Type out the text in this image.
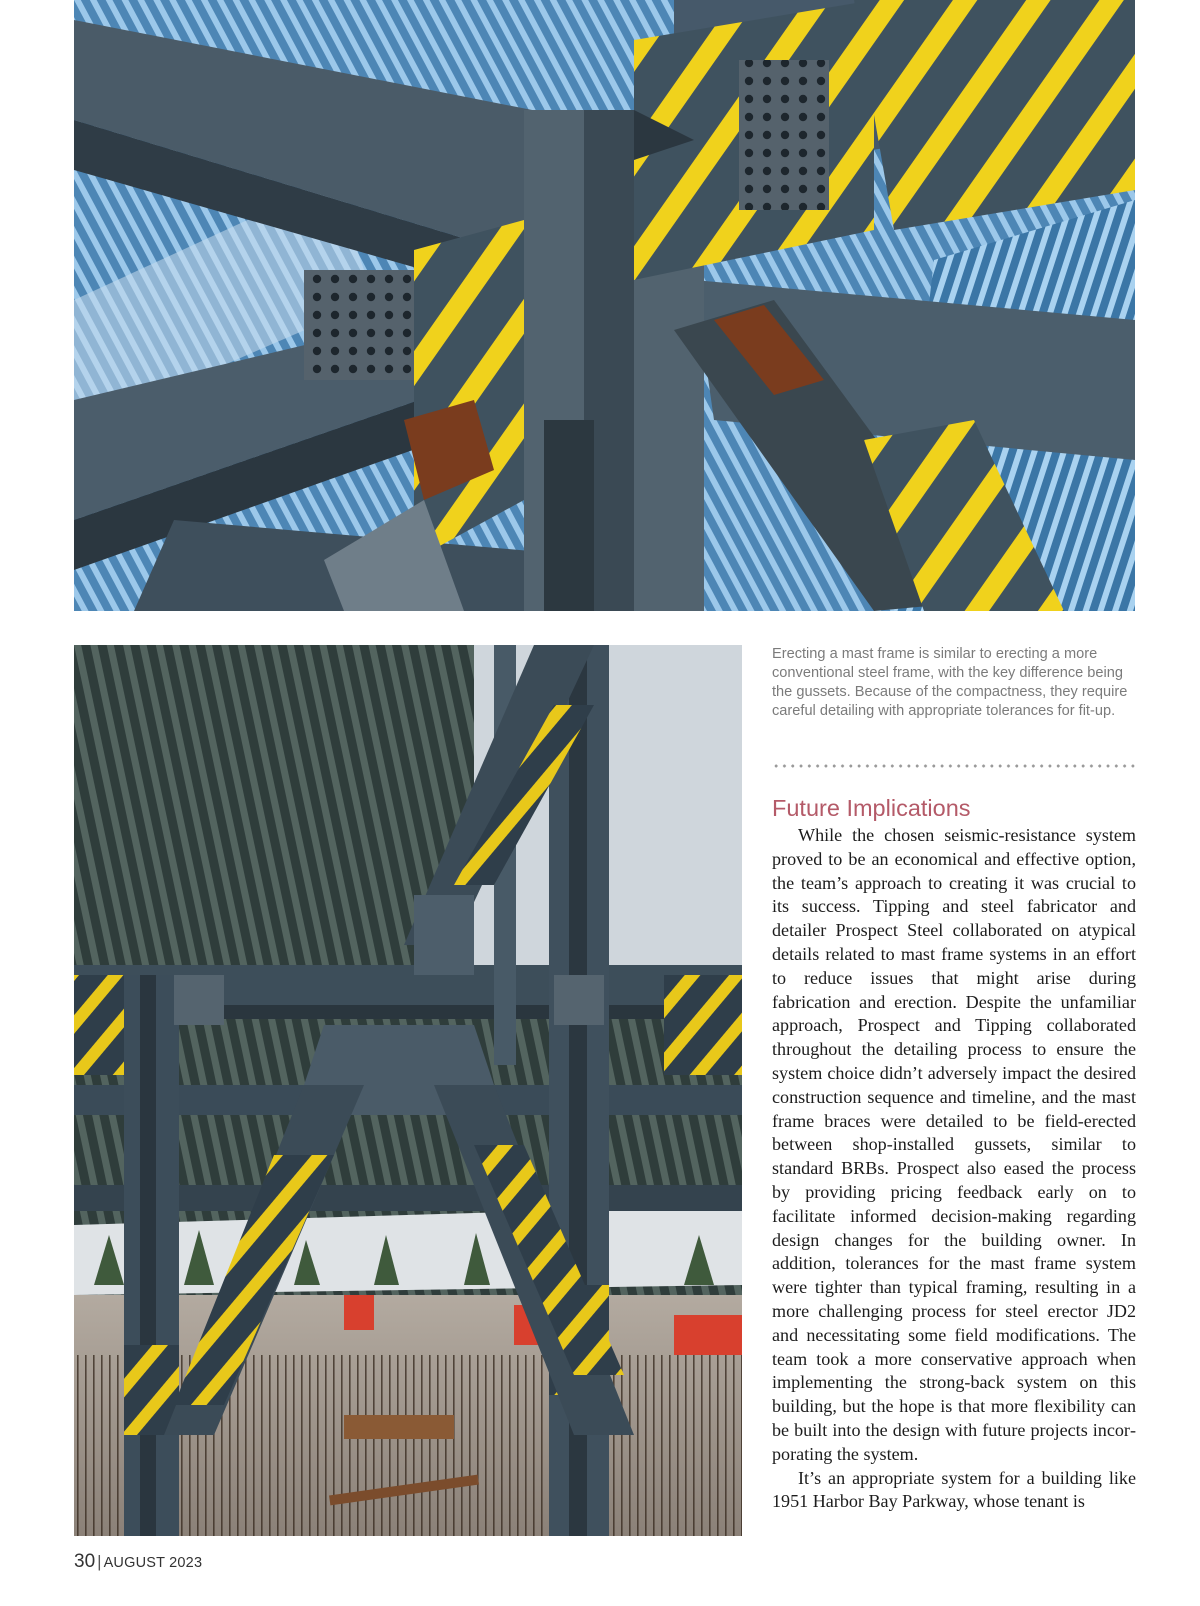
Erecting a mast frame is similar to erecting a more conventional steel frame, with the key difference being the gussets. Because of the compactness, they require careful detailing with appropriate tolerances for fit-up.

Future Implications

While the chosen seismic-resistance system proved to be an economical and effective option, the team’s approach to creating it was crucial to its success. Tipping and steel fabricator and detailer Prospect Steel collaborated on atypical details related to mast frame systems in an effort to reduce issues that might arise during fabrication and erection. Despite the unfamiliar approach, Prospect and Tipping collaborated throughout the detailing process to ensure the system choice didn’t adversely impact the desired construction sequence and timeline, and the mast frame braces were detailed to be field-erected between shop-installed gussets, similar to standard BRBs. Prospect also eased the process by providing pricing feedback early on to facilitate informed decision-making regarding design changes for the building owner. In addition, tolerances for the mast frame system were tighter than typical framing, resulting in a more challenging process for steel erector JD2 and necessitating some field modifications. The team took a more conservative approach when implementing the strong-back system on this building, but the hope is that more flexibility can be built into the design with future projects incorporating the system.

It’s an appropriate system for a building like 1951 Harbor Bay Parkway, whose tenant is

30 | AUGUST 2023
